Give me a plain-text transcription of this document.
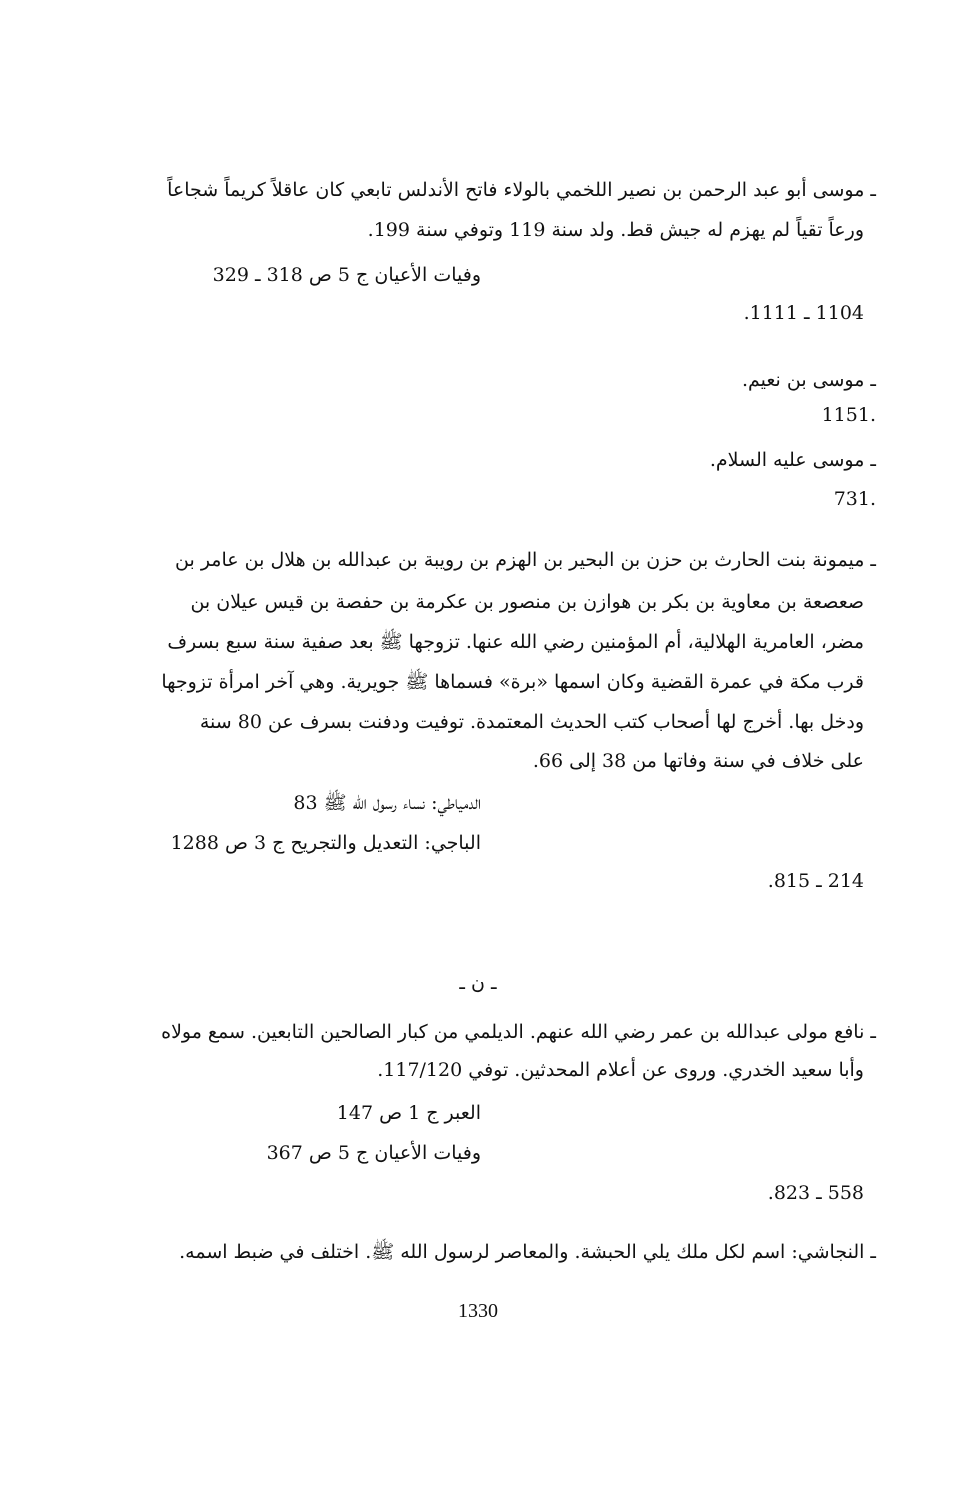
ـ موسى أبو عبد الرحمن بن نصير اللخمي بالولاء فاتح الأندلس تابعي كان عاقلاً كريماً شجاعاً
ورعاً تقياً لم يهزم له جيش قط. ولد سنة 119 وتوفي سنة 199.
وفيات الأعيان ج 5 ص 318 ـ 329
1104 ـ 1111.
ـ موسى بن نعيم.
1151.
ـ موسى عليه السلام.
731.
ـ ميمونة بنت الحارث بن حزن بن البحير بن الهزم بن رويبة بن عبدالله بن هلال بن عامر بن
صعصعة بن معاوية بن بكر بن هوازن بن منصور بن عكرمة بن حفصة بن قيس عيلان بن
مضر، العامرية الهلالية، أم المؤمنين رضي الله عنها. تزوجها ﷺ بعد صفية سنة سبع بسرف
قرب مكة في عمرة القضية وكان اسمها «برة» فسماها ﷺ جويرية. وهي آخر امرأة تزوجها
ودخل بها. أخرج لها أصحاب كتب الحديث المعتمدة. توفيت ودفنت بسرف عن 80 سنة
على خلاف في سنة وفاتها من 38 إلى 66.
الدمياطي: نساء رسول الله ﷺ 83
الباجي: التعديل والتجريح ج 3 ص 1288
214 ـ 815.
ـ ن ـ
ـ نافع مولى عبدالله بن عمر رضي الله عنهم. الديلمي من كبار الصالحين التابعين. سمع مولاه
وأبا سعيد الخدري. وروى عن أعلام المحدثين. توفي 117/120.
العبر ج 1 ص 147
وفيات الأعيان ج 5 ص 367
558 ـ 823.
ـ النجاشي: اسم لكل ملك يلي الحبشة. والمعاصر لرسول الله ﷺ. اختلف في ضبط اسمه.
1330
